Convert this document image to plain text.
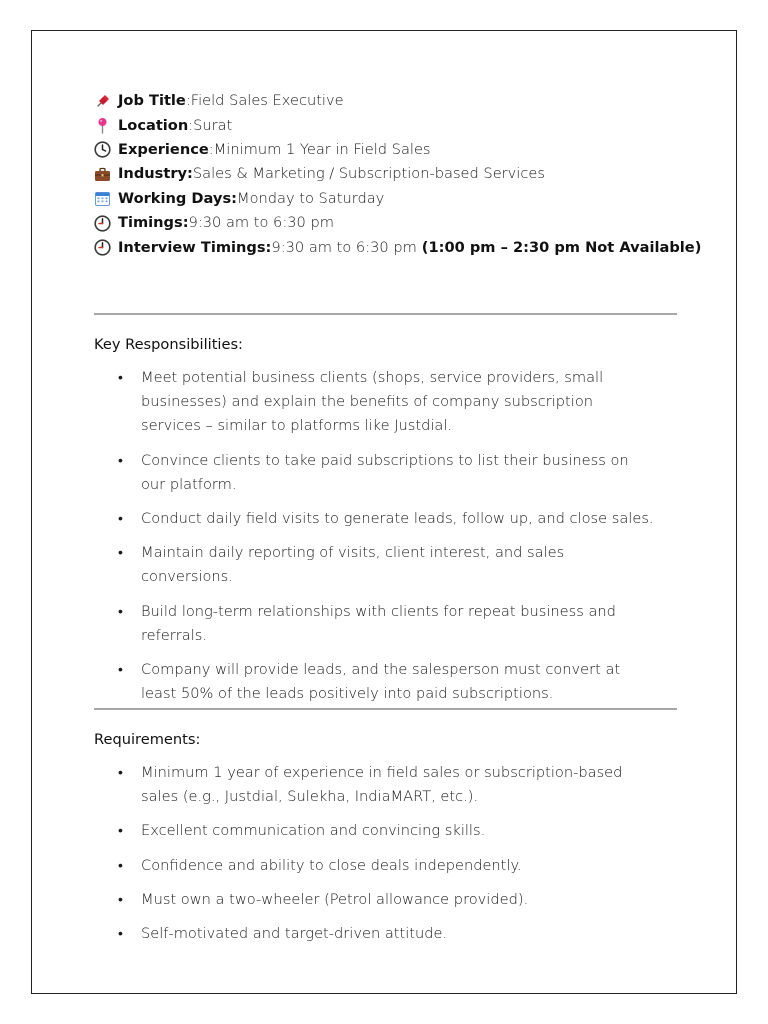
Job Title : Field Sales Executive
Location : Surat
Experience : Minimum 1 Year in Field Sales
Industry: Sales & Marketing / Subscription-based Services
Working Days: Monday to Saturday
Timings: 9:30 am to 6:30 pm
Interview Timings: 9:30 am to 6:30 pm (1:00 pm – 2:30 pm Not Available)
Key Responsibilities:
• Meet potential business clients (shops, service providers, small businesses) and explain the benefits of company subscription services – similar to platforms like Justdial.
• Convince clients to take paid subscriptions to list their business on our platform.
• Conduct daily field visits to generate leads, follow up, and close sales.
• Maintain daily reporting of visits, client interest, and sales conversions.
• Build long-term relationships with clients for repeat business and referrals.
• Company will provide leads, and the salesperson must convert at least 50% of the leads positively into paid subscriptions.
Requirements:
• Minimum 1 year of experience in field sales or subscription-based sales (e.g., Justdial, Sulekha, IndiaMART, etc.).
• Excellent communication and convincing skills.
• Confidence and ability to close deals independently.
• Must own a two-wheeler (Petrol allowance provided).
• Self-motivated and target-driven attitude.
